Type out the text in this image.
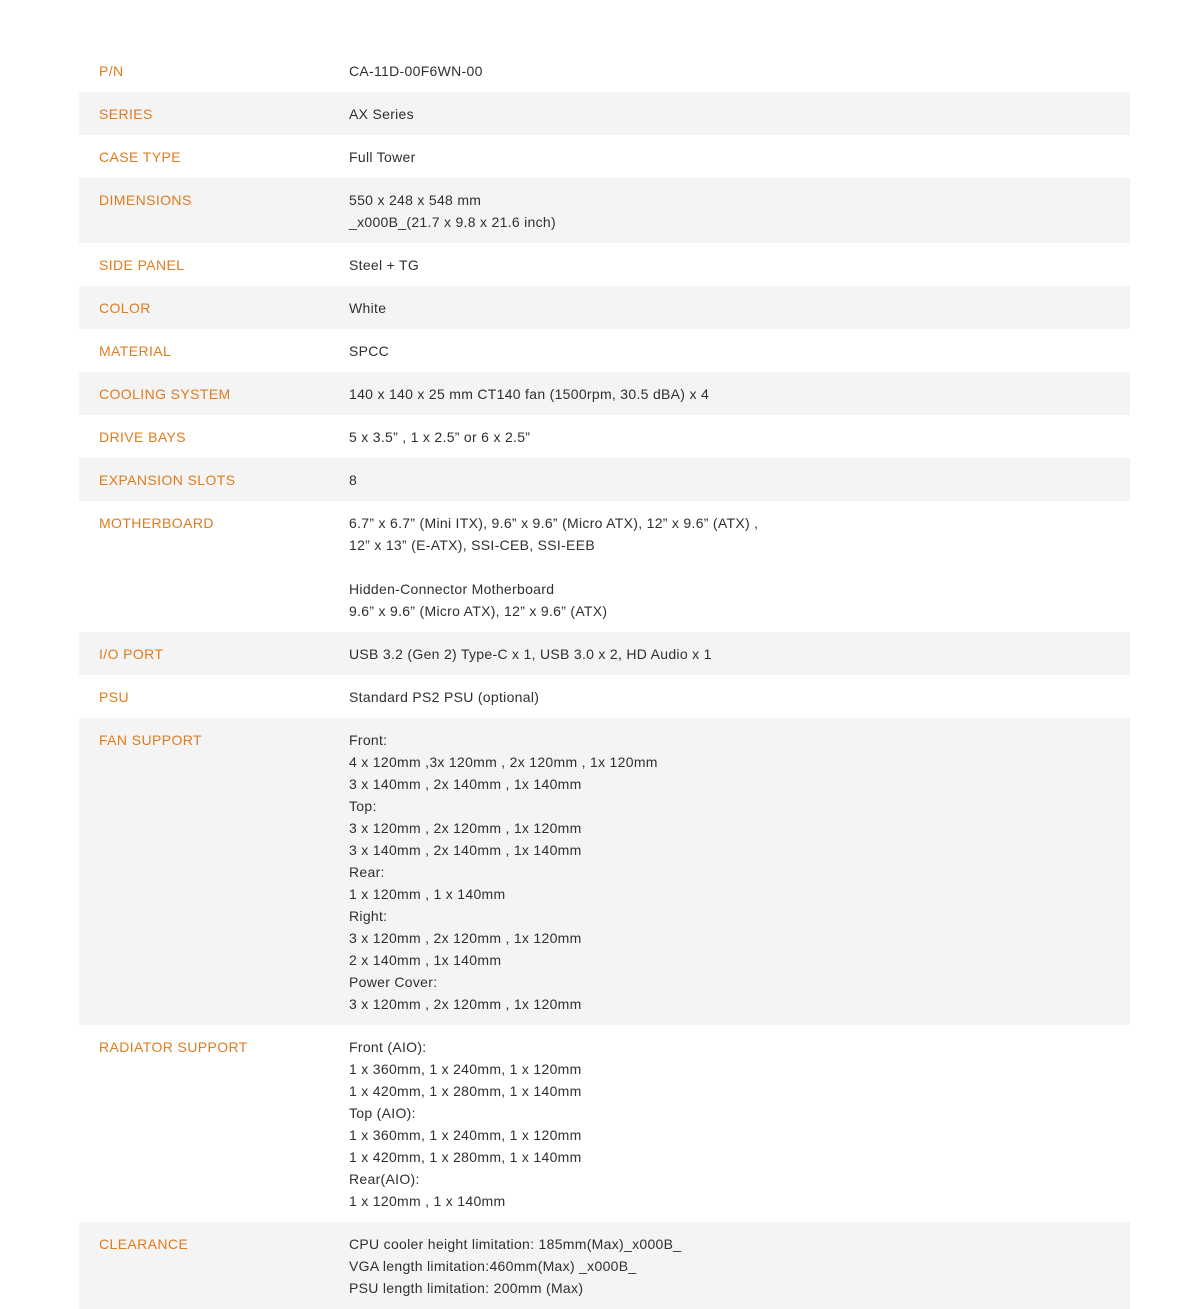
P/N	CA-11D-00F6WN-00
SERIES	AX Series
CASE TYPE	Full Tower
DIMENSIONS	550 x 248 x 548 mm
_x000B_(21.7 x 9.8 x 21.6 inch)
SIDE PANEL	Steel + TG
COLOR	White
MATERIAL	SPCC
COOLING SYSTEM	140 x 140 x 25 mm CT140 fan (1500rpm, 30.5 dBA) x 4
DRIVE BAYS	5 x 3.5” , 1 x 2.5” or 6 x 2.5”
EXPANSION SLOTS	8
MOTHERBOARD	6.7” x 6.7” (Mini ITX), 9.6” x 9.6” (Micro ATX), 12” x 9.6” (ATX) ,
12” x 13” (E-ATX), SSI-CEB, SSI-EEB
Hidden-Connector Motherboard
9.6” x 9.6” (Micro ATX), 12” x 9.6” (ATX)
I/O PORT	USB 3.2 (Gen 2) Type-C x 1, USB 3.0 x 2, HD Audio x 1
PSU	Standard PS2 PSU (optional)
FAN SUPPORT	Front:
4 x 120mm ,3x 120mm , 2x 120mm , 1x 120mm
3 x 140mm , 2x 140mm , 1x 140mm
Top:
3 x 120mm , 2x 120mm , 1x 120mm
3 x 140mm , 2x 140mm , 1x 140mm
Rear:
1 x 120mm , 1 x 140mm
Right:
3 x 120mm , 2x 120mm , 1x 120mm
2 x 140mm , 1x 140mm
Power Cover:
3 x 120mm , 2x 120mm , 1x 120mm
RADIATOR SUPPORT	Front (AIO):
1 x 360mm, 1 x 240mm, 1 x 120mm
1 x 420mm, 1 x 280mm, 1 x 140mm
Top (AIO):
1 x 360mm, 1 x 240mm, 1 x 120mm
1 x 420mm, 1 x 280mm, 1 x 140mm
Rear(AIO):
1 x 120mm , 1 x 140mm
CLEARANCE	CPU cooler height limitation: 185mm(Max)_x000B_
VGA length limitation:460mm(Max) _x000B_
PSU length limitation: 200mm (Max)
